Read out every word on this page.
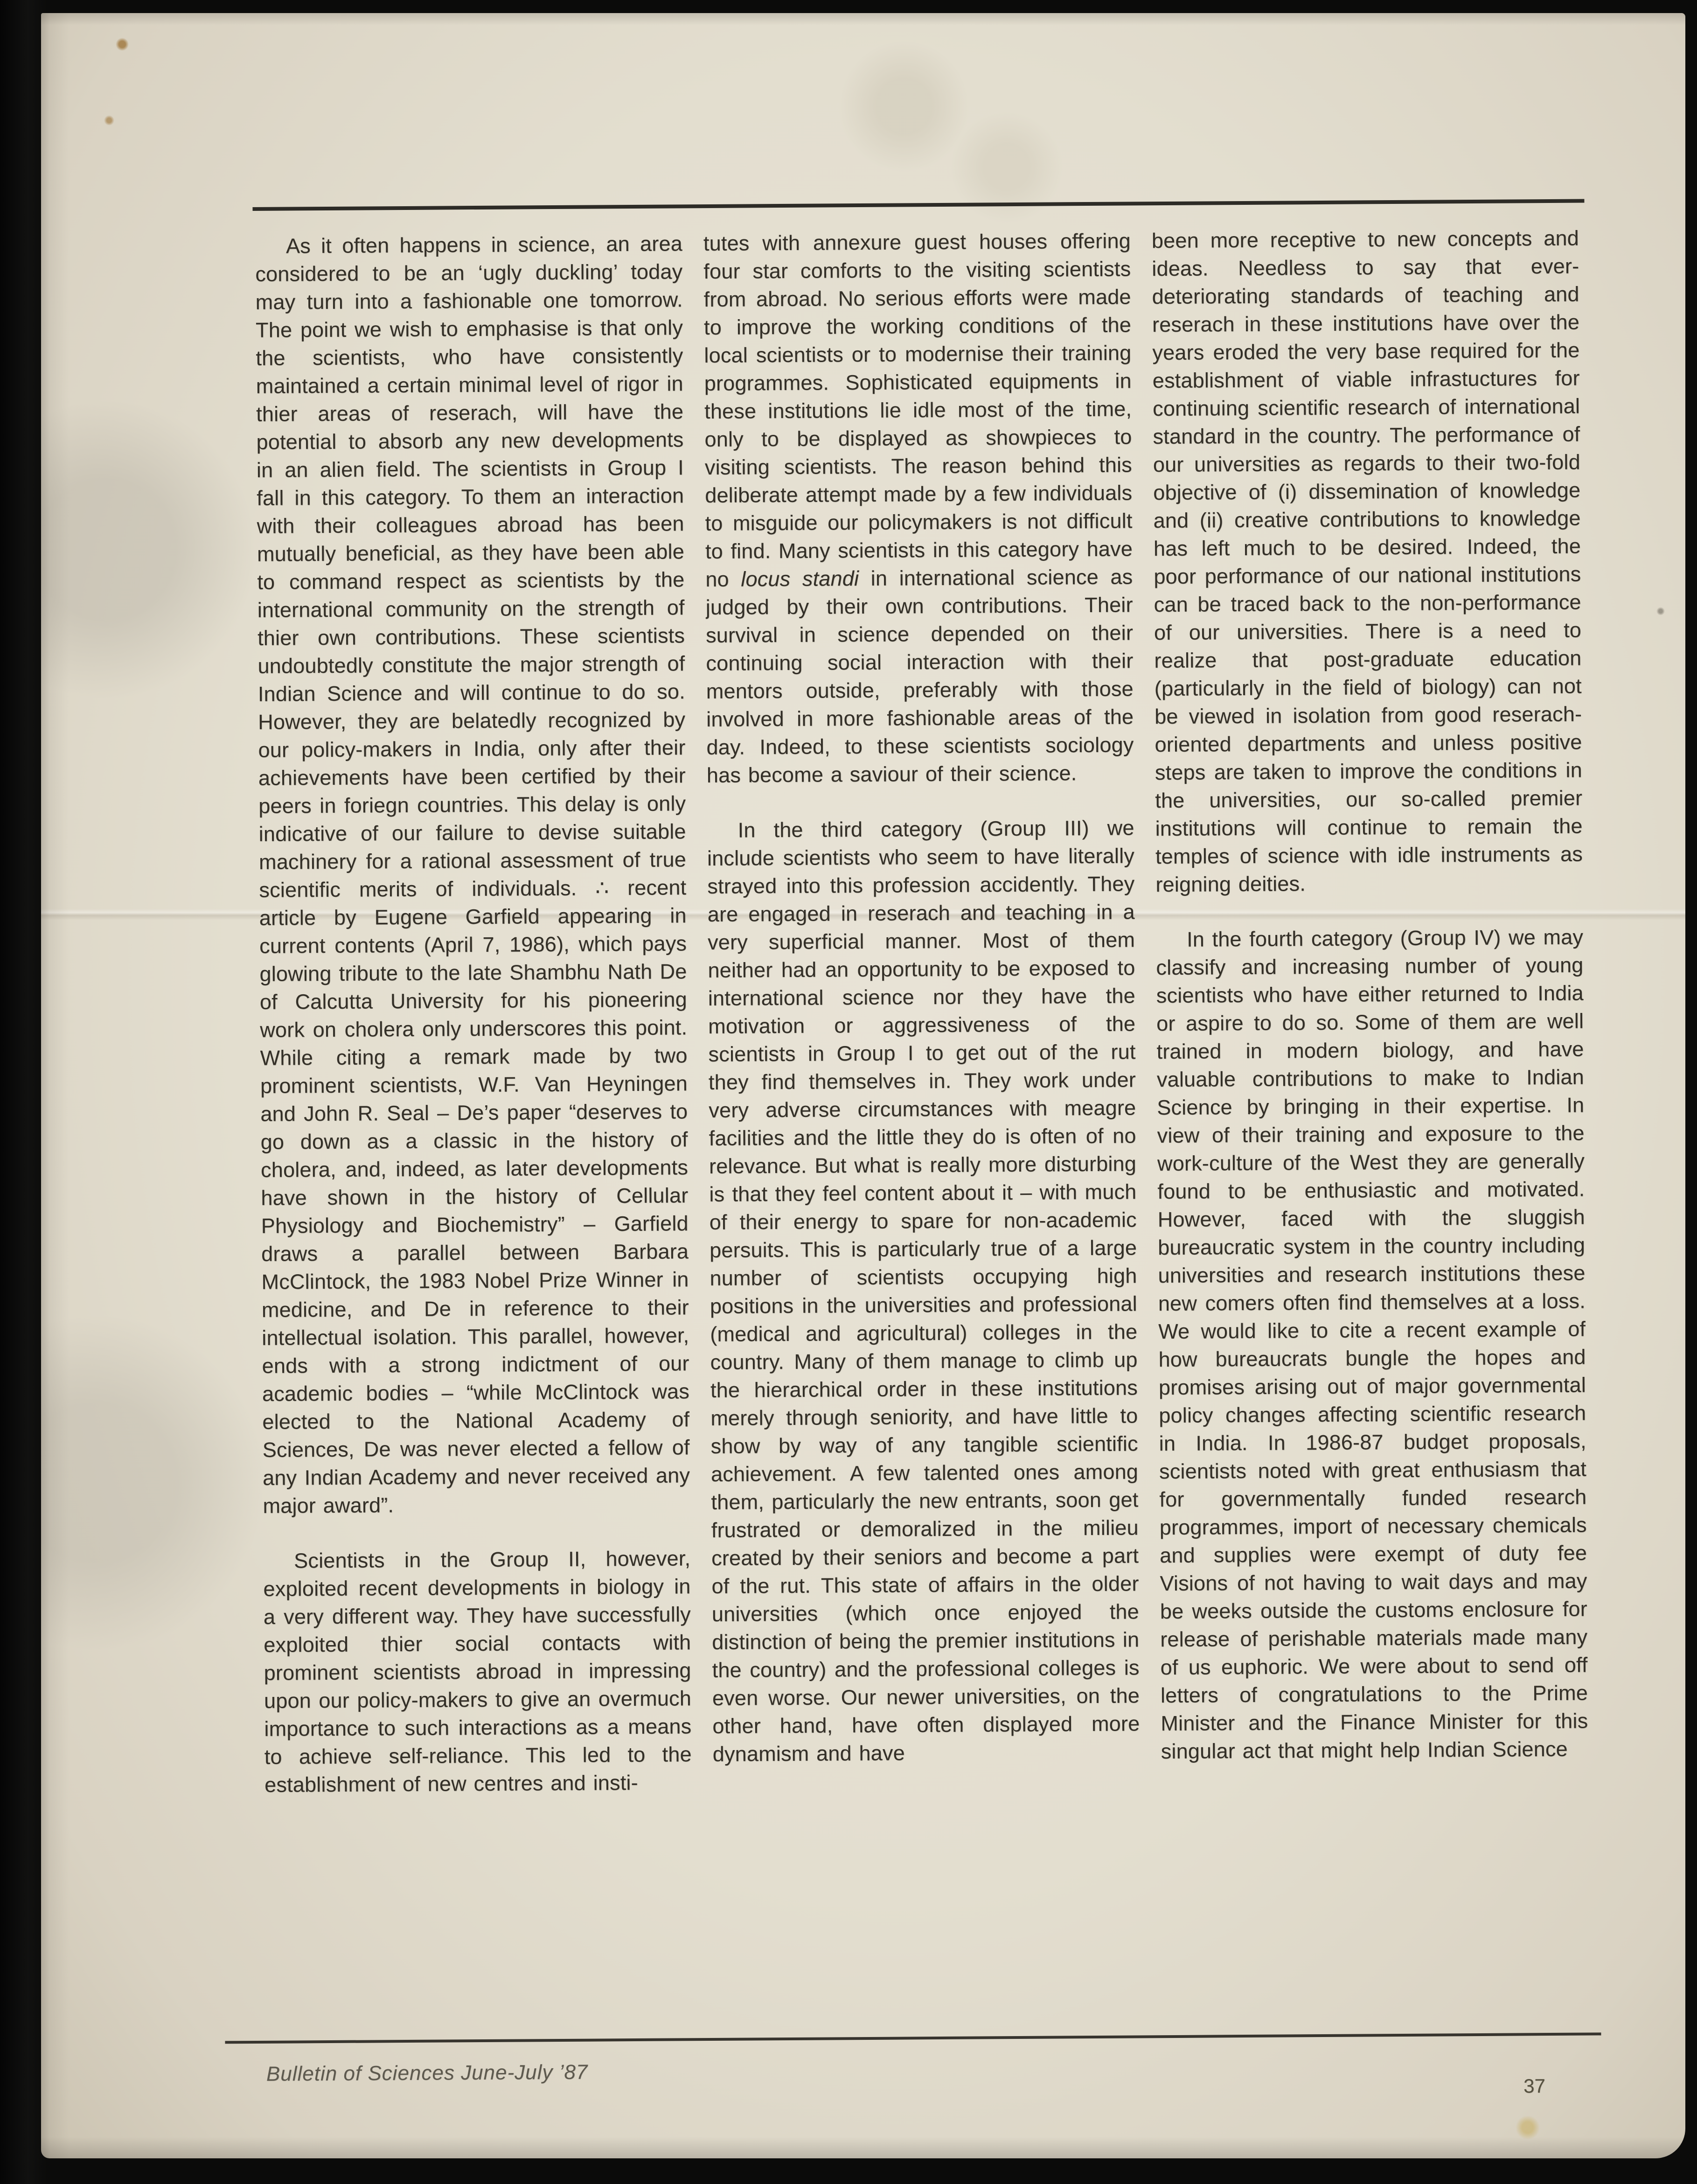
As it often happens in science, an area considered to be an ‘ugly duckling’ today may turn into a fashionable one tomorrow. The point we wish to emphasise is that only the scientists, who have consistently maintained a certain minimal level of rigor in thier areas of reserach, will have the potential to absorb any new developments in an alien field. The scientists in Group I fall in this category. To them an interaction with their colleagues abroad has been mutually beneficial, as they have been able to command respect as scientists by the international community on the strength of thier own contributions. These scientists undoubtedly constitute the major strength of Indian Science and will continue to do so. However, they are belatedly recognized by our policy-makers in India, only after their achievements have been certified by their peers in foriegn countries. This delay is only indicative of our failure to devise suitable machinery for a rational assessment of true scientific merits of individuals. ∴ recent article by Eugene Garfield appearing in current contents (April 7, 1986), which pays glowing tribute to the late Shambhu Nath De of Calcutta University for his pioneering work on cholera only underscores this point. While citing a remark made by two prominent scientists, W.F. Van Heyningen and John R. Seal – De’s paper “deserves to go down as a classic in the history of cholera, and, indeed, as later developments have shown in the history of Cellular Physiology and Biochemistry” – Garfield draws a parallel between Barbara McClintock, the 1983 Nobel Prize Winner in medicine, and De in reference to their intellectual isolation. This parallel, however, ends with a strong indictment of our academic bodies – “while McClintock was elected to the National Academy of Sciences, De was never elected a fellow of any Indian Academy and never received any major award”.

Scientists in the Group II, however, exploited recent developments in biology in a very different way. They have successfully exploited thier social contacts with prominent scientists abroad in impressing upon our policy-makers to give an overmuch importance to such interactions as a means to achieve self-reliance. This led to the establishment of new centres and insti-

tutes with annexure guest houses offering four star comforts to the visiting scientists from abroad. No serious efforts were made to improve the working conditions of the local scientists or to modernise their training programmes. Sophisticated equipments in these institutions lie idle most of the time, only to be displayed as showpieces to visiting scientists. The reason behind this deliberate attempt made by a few individuals to misguide our policymakers is not difficult to find. Many scientists in this category have no locus standi in international science as judged by their own contributions. Their survival in science depended on their continuing social interaction with their mentors outside, preferably with those involved in more fashionable areas of the day. Indeed, to these scientists sociology has become a saviour of their science.

In the third category (Group III) we include scientists who seem to have literally strayed into this profession accidently. They are engaged in reserach and teaching in a very superficial manner. Most of them neither had an opportunity to be exposed to international science nor they have the motivation or aggressiveness of the scientists in Group I to get out of the rut they find themselves in. They work under very adverse circumstances with meagre facilities and the little they do is often of no relevance. But what is really more disturbing is that they feel content about it – with much of their energy to spare for non-academic persuits. This is particularly true of a large number of scientists occupying high positions in the universities and professional (medical and agricultural) colleges in the country. Many of them manage to climb up the hierarchical order in these institutions merely through seniority, and have little to show by way of any tangible scientific achievement. A few talented ones among them, particularly the new entrants, soon get frustrated or demoralized in the milieu created by their seniors and become a part of the rut. This state of affairs in the older universities (which once enjoyed the distinction of being the premier institutions in the country) and the professional colleges is even worse. Our newer universities, on the other hand, have often displayed more dynamism and have

been more receptive to new concepts and ideas. Needless to say that ever-deteriorating standards of teaching and reserach in these institutions have over the years eroded the very base required for the establishment of viable infrastuctures for continuing scientific research of international standard in the country. The performance of our universities as regards to their two-fold objective of (i) dissemination of knowledge and (ii) creative contributions to knowledge has left much to be desired. Indeed, the poor performance of our national institutions can be traced back to the non-performance of our universities. There is a need to realize that post-graduate education (particularly in the field of biology) can not be viewed in isolation from good reserach-oriented departments and unless positive steps are taken to improve the conditions in the universities, our so-called premier institutions will continue to remain the temples of science with idle instruments as reigning deities.

In the fourth category (Group IV) we may classify and increasing number of young scientists who have either returned to India or aspire to do so. Some of them are well trained in modern biology, and have valuable contributions to make to Indian Science by bringing in their expertise. In view of their training and exposure to the work-culture of the West they are generally found to be enthusiastic and motivated. However, faced with the sluggish bureaucratic system in the country including universities and research institutions these new comers often find themselves at a loss. We would like to cite a recent example of how bureaucrats bungle the hopes and promises arising out of major governmental policy changes affecting scientific research in India. In 1986-87 budget proposals, scientists noted with great enthusiasm that for governmentally funded research programmes, import of necessary chemicals and supplies were exempt of duty fee Visions of not having to wait days and may be weeks outside the customs enclosure for release of perishable materials made many of us euphoric. We were about to send off letters of congratulations to the Prime Minister and the Finance Minister for this singular act that might help Indian Science

Bulletin of Sciences June-July ’87
37
